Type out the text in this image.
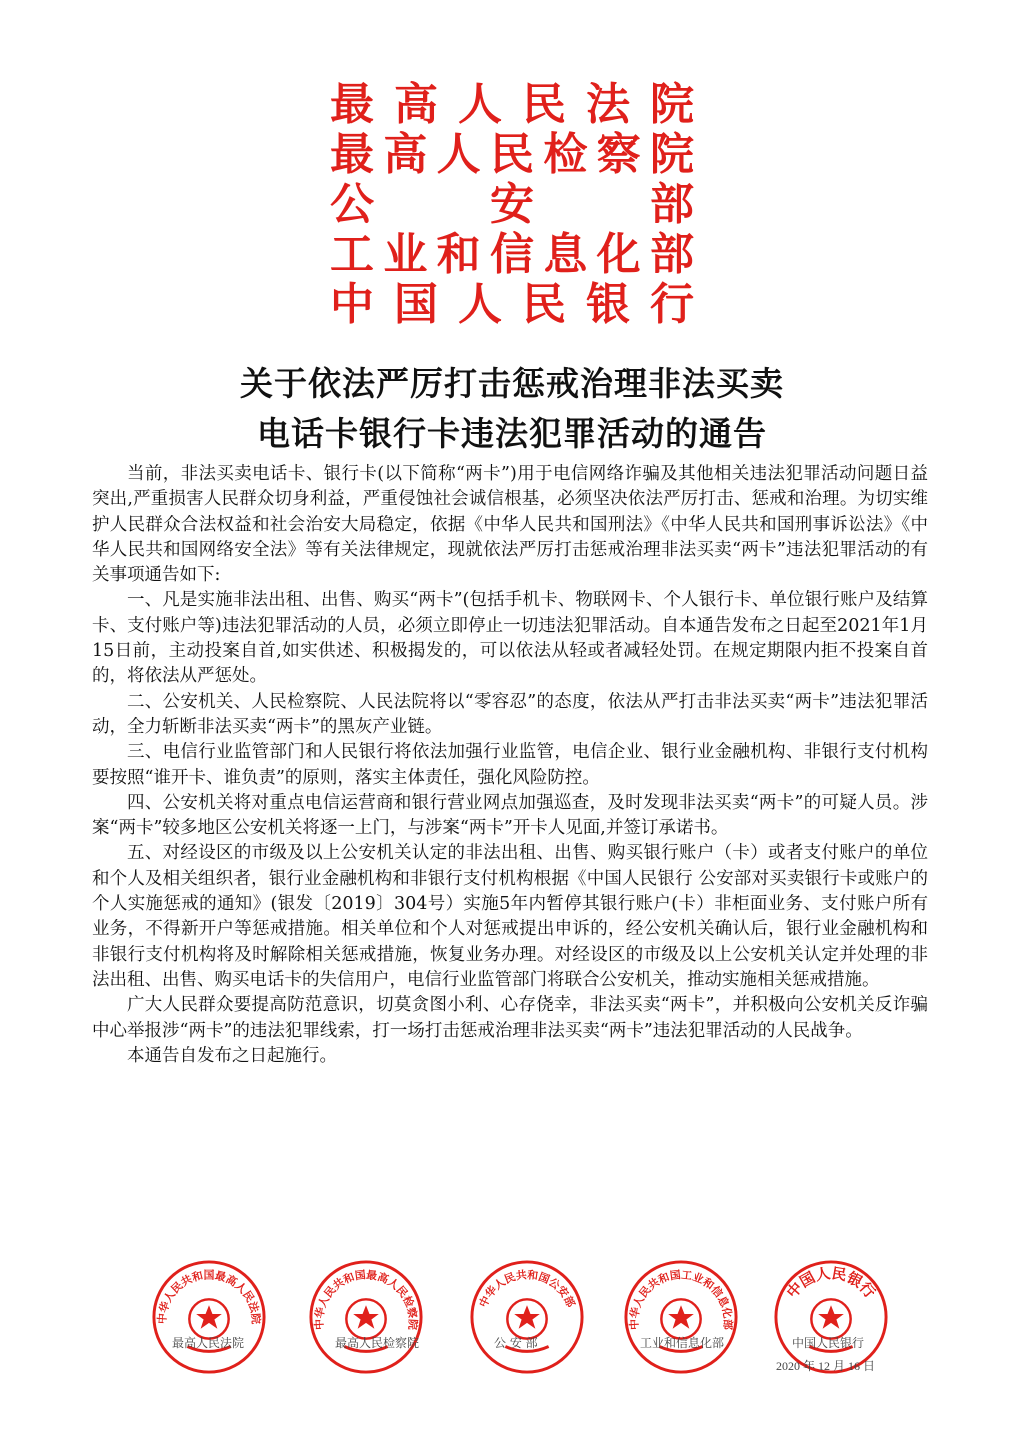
最 高 人 民 法 院
最 高 人 民 检 察 院
公	安	部
工 业 和 信 息 化 部
中 国 人 民 银 行
关于依法严厉打击惩戒治理非法买卖
电话卡银行卡违法犯罪活动的通告

当前，非法买卖电话卡、银行卡(以下简称“两卡”)用于电信网络诈骗及其他相关违法犯罪活动问题日益突出,严重损害人民群众切身利益，严重侵蚀社会诚信根基，必须坚决依法严厉打击、惩戒和治理。为切实维护人民群众合法权益和社会治安大局稳定，依据《中华人民共和国刑法》《中华人民共和国刑事诉讼法》《中华人民共和国网络安全法》等有关法律规定，现就依法严厉打击惩戒治理非法买卖“两卡”违法犯罪活动的有关事项通告如下:

一、凡是实施非法出租、出售、购买“两卡”(包括手机卡、物联网卡、个人银行卡、单位银行账户及结算卡、支付账户等)违法犯罪活动的人员，必须立即停止一切违法犯罪活动。自本通告发布之日起至2021年1月15日前，主动投案自首,如实供述、积极揭发的，可以依法从轻或者减轻处罚。在规定期限内拒不投案自首的，将依法从严惩处。

二、公安机关、人民检察院、人民法院将以“零容忍”的态度，依法从严打击非法买卖“两卡”违法犯罪活动，全力斩断非法买卖“两卡”的黑灰产业链。

三、电信行业监管部门和人民银行将依法加强行业监管，电信企业、银行业金融机构、非银行支付机构要按照“谁开卡、谁负责”的原则，落实主体责任，强化风险防控。

四、公安机关将对重点电信运营商和银行营业网点加强巡查，及时发现非法买卖“两卡”的可疑人员。涉案“两卡”较多地区公安机关将逐一上门，与涉案“两卡”开卡人见面,并签订承诺书。

五、对经设区的市级及以上公安机关认定的非法出租、出售、购买银行账户（卡）或者支付账户的单位和个人及相关组织者，银行业金融机构和非银行支付机构根据《中国人民银行 公安部对买卖银行卡或账户的个人实施惩戒的通知》(银发〔2019〕304号）实施5年内暂停其银行账户(卡）非柜面业务、支付账户所有业务，不得新开户等惩戒措施。相关单位和个人对惩戒提出申诉的，经公安机关确认后，银行业金融机构和非银行支付机构将及时解除相关惩戒措施，恢复业务办理。对经设区的市级及以上公安机关认定并处理的非法出租、出售、购买电话卡的失信用户，电信行业监管部门将联合公安机关，推动实施相关惩戒措施。

广大人民群众要提高防范意识，切莫贪图小利、心存侥幸，非法买卖“两卡”，并积极向公安机关反诈骗中心举报涉“两卡”的违法犯罪线索，打一场打击惩戒治理非法买卖“两卡”违法犯罪活动的人民战争。

本通告自发布之日起施行。

中华人民共和国最高人民法院	中华人民共和国最高人民检察院
中华人民共和国公安部
中华人民共和国工业和信息化部
中国人民银行
最高人民法院	最高人民检察院	公 安 部	工业和信息化部	中国人民银行
2020 年 12 月 16 日
